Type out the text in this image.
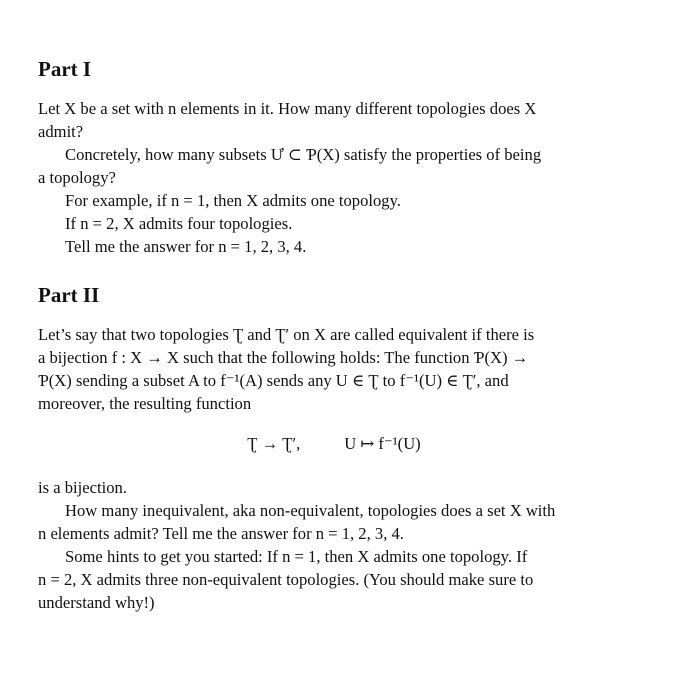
Part I
Let X be a set with n elements in it. How many different topologies does X
admit?
Concretely, how many subsets Ư ⊂ Ƥ(X) satisfy the properties of being
a topology?
For example, if n = 1, then X admits one topology.
If n = 2, X admits four topologies.
Tell me the answer for n = 1, 2, 3, 4.
Part II
Let’s say that two topologies Ʈ and Ʈ′ on X are called equivalent if there is
a bijection f : X → X such that the following holds: The function Ƥ(X) →
Ƥ(X) sending a subset A to f⁻¹(A) sends any U ∈ Ʈ to f⁻¹(U) ∈ Ʈ′, and
moreover, the resulting function
Ʈ → Ʈ′,	U ↦ f⁻¹(U)
is a bijection.
How many inequivalent, aka non-equivalent, topologies does a set X with
n elements admit? Tell me the answer for n = 1, 2, 3, 4.
Some hints to get you started: If n = 1, then X admits one topology. If
n = 2, X admits three non-equivalent topologies. (You should make sure to
understand why!)
